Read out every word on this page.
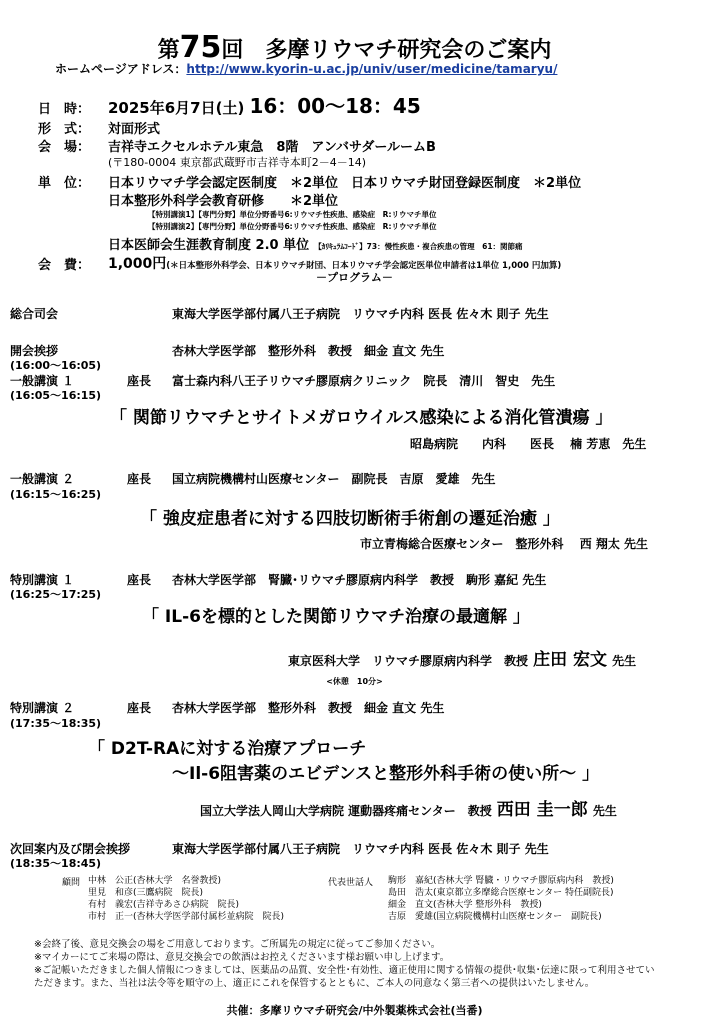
第75回　多摩リウマチ研究会のご案内
ホームページアドレス：http://www.kyorin-u.ac.jp/univ/user/medicine/tamaryu/
日　時： 2025年6月7日(土) 16：00～18：45
形　式： 対面形式
会　場： 吉祥寺エクセルホテル東急　8階　アンバサダールームB
(〒180-0004 東京都武蔵野市吉祥寺本町2－4－14)
単　位： 日本リウマチ学会認定医制度　＊2単位　日本リウマチ財団登録医制度　＊2単位
日本整形外科学会教育研修　　＊2単位
【特別講演1】【専門分野】単位分野番号6:リウマチ性疾患、感染症　R:リウマチ単位
【特別講演2】【専門分野】単位分野番号6:リウマチ性疾患、感染症　R:リウマチ単位
日本医師会生涯教育制度 2.0 単位 【ｶﾘｷｭﾗﾑｺｰﾄﾞ】73：慢性疾患・複合疾患の管理　61：関節痛
会　費： 1,000円(＊日本整形外科学会、日本リウマチ財団、日本リウマチ学会認定医単位申請者は1単位 1,000 円加算)
－プログラム－
総合司会	東海大学医学部付属八王子病院　リウマチ内科 医長 佐々木 則子 先生
開会挨拶
(16:00～16:05)
杏林大学医学部　整形外科　教授　細金 直文 先生
一般講演 １
(16:05～16:15)
座長 富士森内科八王子リウマチ膠原病クリニック　院長　清川　智史　先生
「 関節リウマチとサイトメガロウイルス感染による消化管潰瘍 」
昭島病院　　内科　　医長　 楠 芳恵　先生
一般講演 ２
(16:15～16:25)
座長 国立病院機構村山医療センター　副院長　吉原　愛雄　先生
「 強皮症患者に対する四肢切断術手術創の遷延治癒 」
市立青梅総合医療センター　整形外科　 西 翔太 先生
特別講演 １
(16:25～17:25)
座長 杏林大学医学部　腎臓･リウマチ膠原病内科学　教授　駒形 嘉紀 先生
「 IL-6を標的とした関節リウマチ治療の最適解 」
東京医科大学　リウマチ膠原病内科学　教授 庄田 宏文 先生
<休憩　10分>
特別講演 ２
(17:35～18:35)
座長 杏林大学医学部　整形外科　教授　細金 直文 先生
「 D2T-RAに対する治療アプローチ
～Il-6阻害薬のエビデンスと整形外科手術の使い所～ 」
国立大学法人岡山大学病院 運動器疼痛センター　教授 西田 圭一郎 先生
次回案内及び閉会挨拶
(18:35～18:45)
東海大学医学部付属八王子病院　リウマチ内科 医長 佐々木 則子 先生
顧問 中林　公正(杏林大学　名誉教授)
里見　和彦(三鷹病院　院長)
有村　義宏(吉祥寺あさひ病院　院長)
市村　正一(杏林大学医学部付属杉並病院　院長)
代表世話人 駒形　嘉紀(杏林大学 腎臓・リウマチ膠原病内科　教授)
島田　浩太(東京都立多摩総合医療センター 特任副院長)
細金　直文(杏林大学 整形外科　教授)
吉原　愛雄(国立病院機構村山医療センター　副院長)
※会終了後、意見交換会の場をご用意しております。ご所属先の規定に従ってご参加ください。
※マイカーにてご来場の際は、意見交換会での飲酒はお控えくださいます様お願い申し上げます。
※ご記帳いただきました個人情報につきましては、医薬品の品質、安全性･有効性、適正使用に関する情報の提供･収集･伝達に限って利用させてい
ただきます。また、当社は法令等を順守の上、適正にこれを保管するとともに、ご本人の同意なく第三者への提供はいたしません。
共催：多摩リウマチ研究会/中外製薬株式会社(当番)
